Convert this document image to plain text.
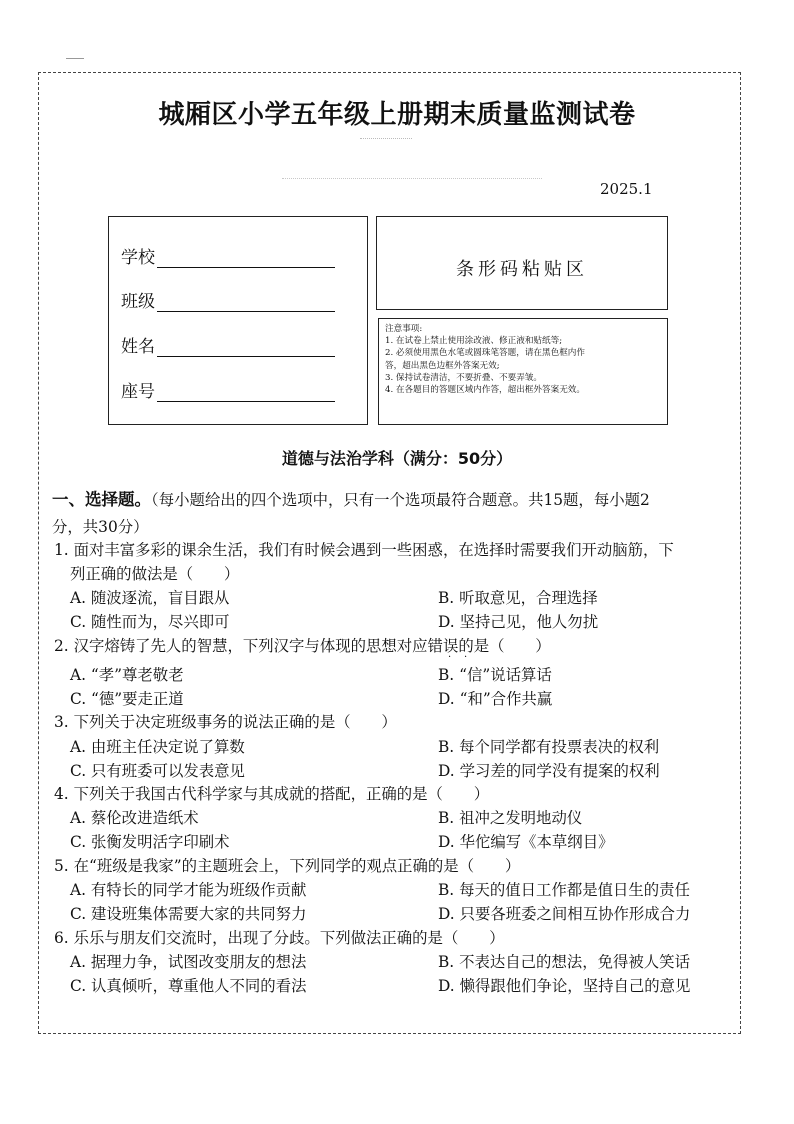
城厢区小学五年级上册期末质量监测试卷
2025.1
学校
班级
姓名
座号
条形码粘贴区
注意事项:
1. 在试卷上禁止使用涂改液、修正液和贴纸等;
2. 必须使用黑色水笔或圆珠笔答题，请在黑色框内作
答，超出黑色边框外答案无效;
3. 保持试卷清洁，不要折叠、不要弄皱。
4. 在各题目的答题区域内作答，超出框外答案无效。
道德与法治学科（满分：50分）
一、选择题。（每小题给出的四个选项中，只有一个选项最符合题意。共15题，每小题2
分，共30分）
1. 面对丰富多彩的课余生活，我们有时候会遇到一些困惑，在选择时需要我们开动脑筋，下
列正确的做法是（　　）
A. 随波逐流，盲目跟从	B. 听取意见，合理选择
C. 随性而为，尽兴即可	D. 坚持己见，他人勿扰
2. 汉字熔铸了先人的智慧，下列汉字与体现的思想对应错误的是（　　）
· ·
A. “孝”尊老敬老	B. “信”说话算话
C. “德”要走正道	D. “和”合作共赢
3. 下列关于决定班级事务的说法正确的是（　　）
A. 由班主任决定说了算数	B. 每个同学都有投票表决的权利
C. 只有班委可以发表意见	D. 学习差的同学没有提案的权利
4. 下列关于我国古代科学家与其成就的搭配，正确的是（　　）
A. 蔡伦改进造纸术	B. 祖冲之发明地动仪
C. 张衡发明活字印刷术	D. 华佗编写《本草纲目》
5. 在“班级是我家”的主题班会上，下列同学的观点正确的是（　　）
A. 有特长的同学才能为班级作贡献	B. 每天的值日工作都是值日生的责任
C. 建设班集体需要大家的共同努力	D. 只要各班委之间相互协作形成合力
6. 乐乐与朋友们交流时，出现了分歧。下列做法正确的是（　　）
A. 据理力争，试图改变朋友的想法	B. 不表达自己的想法，免得被人笑话
C. 认真倾听，尊重他人不同的看法	D. 懒得跟他们争论，坚持自己的意见
